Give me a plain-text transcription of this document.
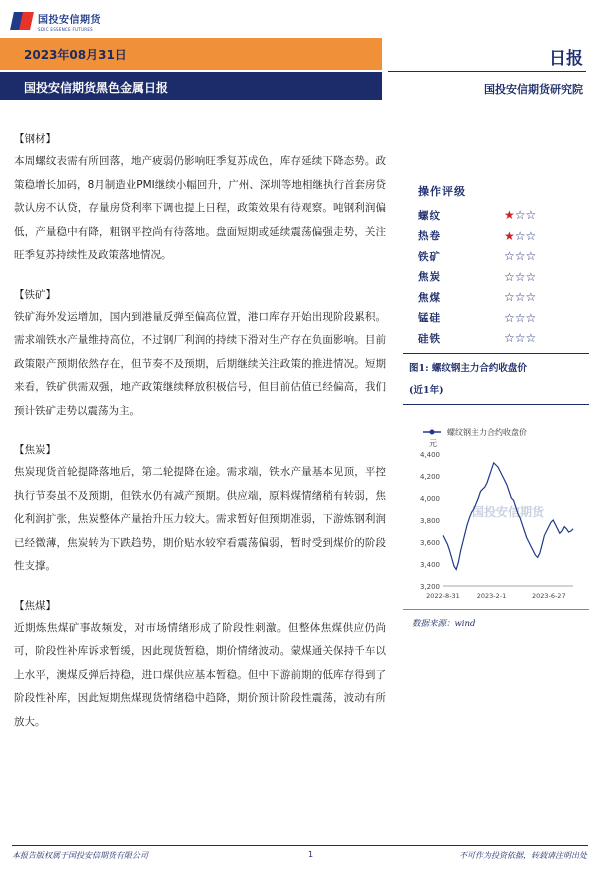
国投安信期货
SDIC ESSENCE FUTURES
2023年08月31日
国投安信期货黑色金属日报
日报
国投安信期货研究院
【钢材】
本周螺纹表需有所回落，地产疲弱仍影响旺季复苏成色，库存延续下降态势。政策稳增长加码，8月制造业PMI继续小幅回升，广州、深圳等地相继执行首套房贷款认房不认贷，存量房贷利率下调也提上日程，政策效果有待观察。吨钢利润偏低，产量稳中有降，粗钢平控尚有待落地。盘面短期或延续震荡偏强走势，关注旺季复苏持续性及政策落地情况。
【铁矿】
铁矿海外发运增加，国内到港量反弹至偏高位置，港口库存开始出现阶段累积。需求端铁水产量维持高位，不过钢厂利润的持续下滑对生产存在负面影响。目前政策限产预期依然存在，但节奏不及预期，后期继续关注政策的推进情况。短期来看，铁矿供需双强，地产政策继续释放积极信号，但目前估值已经偏高，我们预计铁矿走势以震荡为主。
【焦炭】
焦炭现货首轮提降落地后，第二轮提降在途。需求端，铁水产量基本见顶，平控执行节奏虽不及预期，但铁水仍有减产预期。供应端，原料煤情绪稍有转弱，焦化利润扩张，焦炭整体产量抬升压力较大。需求暂好但预期准弱，下游炼钢利润已经微薄，焦炭转为下跌趋势，期价贴水较窄看震荡偏弱，暂时受到煤价的阶段性支撑。
【焦煤】
近期炼焦煤矿事故频发，对市场情绪形成了阶段性刺激。但整体焦煤供应仍尚可，阶段性补库诉求暂缓，因此现货暂稳，期价情绪波动。蒙煤通关保持千车以上水平，澳煤反弹后持稳，进口煤供应基本暂稳。但中下游前期的低库存得到了阶段性补库，因此短期焦煤现货情绪稳中趋降，期价预计阶段性震荡，波动有所放大。
操作评级
螺纹	★☆☆
热卷	★☆☆
铁矿	☆☆☆
焦炭	☆☆☆
焦煤	☆☆☆
锰硅	☆☆☆
硅铁	☆☆☆
图1: 螺纹钢主力合约收盘价
(近1年)
国投安信期货
螺纹钢主力合约收盘价
元
3,200
3,400
3,600
3,800
4,000
4,200
4,400
2022-8-31	2023-2-1	2023-6-27
数据来源：wind
本报告版权属于国投安信期货有限公司	1	不可作为投资依据，转载请注明出处
